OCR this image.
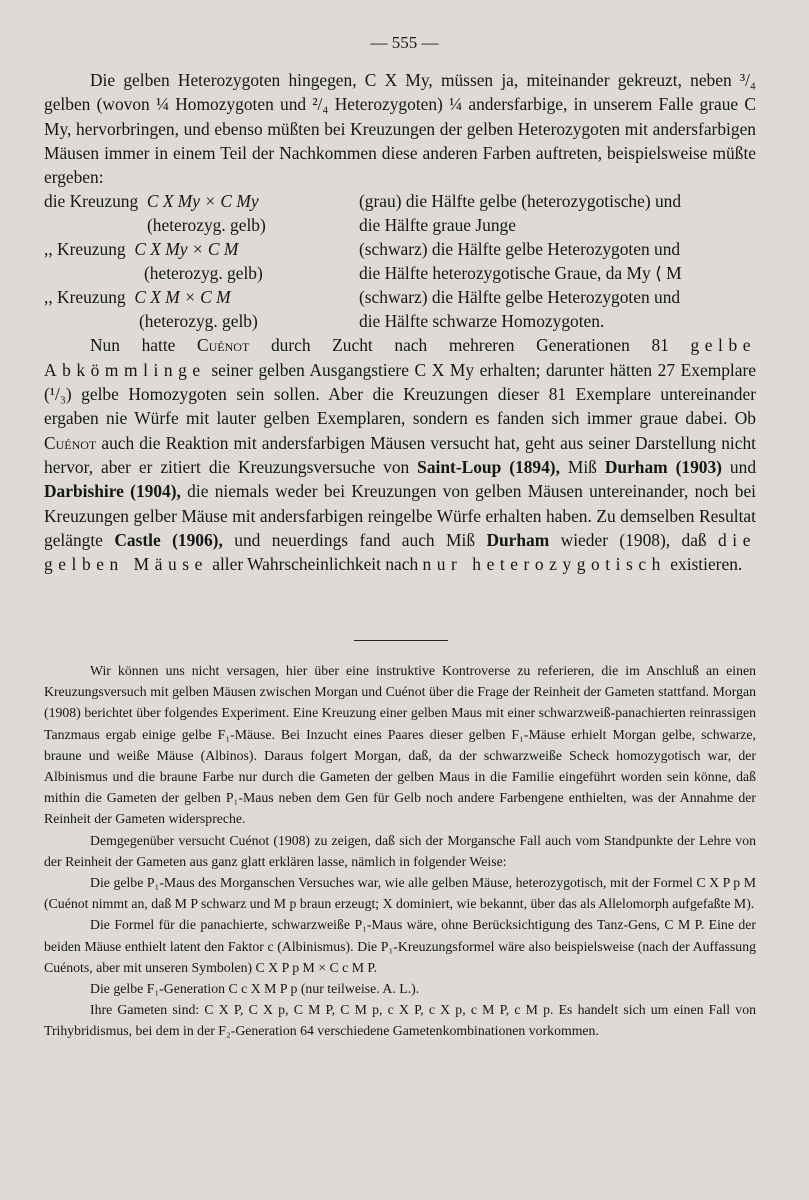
— 555 —

Die gelben Heterozygoten hingegen, C X My, müssen ja, miteinander gekreuzt, neben ³/₄ gelben (wovon ¼ Homozygoten und ²/₄ Heterozygoten) ¼ andersfarbige, in unserem Falle graue C My, hervorbringen, und ebenso müßten bei Kreuzungen der gelben Heterozygoten mit andersfarbigen Mäusen immer in einem Teil der Nachkommen diese anderen Farben auftreten, beispielsweise müßte ergeben:

die Kreuzung C X My × C My	(grau) die Hälfte gelbe (heterozygotische) und
(heterozyg. gelb)	die Hälfte graue Junge
,, Kreuzung C X My × C M	(schwarz) die Hälfte gelbe Heterozygoten und
(heterozyg. gelb)	die Hälfte heterozygotische Graue, da My ⟨ M
,, Kreuzung C X M × C M	(schwarz) die Hälfte gelbe Heterozygoten und
(heterozyg. gelb)	die Hälfte schwarze Homozygoten.

Nun hatte Cuénot durch Zucht nach mehreren Generationen 81 gelbe Abkömmlinge seiner gelben Ausgangstiere C X My erhalten; darunter hätten 27 Exemplare (¹/₃) gelbe Homozygoten sein sollen. Aber die Kreuzungen dieser 81 Exemplare untereinander ergaben nie Würfe mit lauter gelben Exemplaren, sondern es fanden sich immer graue dabei. Ob Cuénot auch die Reaktion mit andersfarbigen Mäusen versucht hat, geht aus seiner Darstellung nicht hervor, aber er zitiert die Kreuzungsversuche von Saint-Loup (1894), Miß Durham (1903) und Darbishire (1904), die niemals weder bei Kreuzungen von gelben Mäusen untereinander, noch bei Kreuzungen gelber Mäuse mit andersfarbigen reingelbe Würfe erhalten haben. Zu demselben Resultat gelängte Castle (1906), und neuerdings fand auch Miß Durham wieder (1908), daß die gelben Mäuse aller Wahrscheinlichkeit nach nur heterozygotisch existieren.

Wir können uns nicht versagen, hier über eine instruktive Kontroverse zu referieren, die im Anschluß an einen Kreuzungsversuch mit gelben Mäusen zwischen Morgan und Cuénot über die Frage der Reinheit der Gameten stattfand. Morgan (1908) berichtet über folgendes Experiment. Eine Kreuzung einer gelben Maus mit einer schwarzweiß-panachierten reinrassigen Tanzmaus ergab einige gelbe F₁-Mäuse. Bei Inzucht eines Paares dieser gelben F₁-Mäuse erhielt Morgan gelbe, schwarze, braune und weiße Mäuse (Albinos). Daraus folgert Morgan, daß, da der schwarzweiße Scheck homozygotisch war, der Albinismus und die braune Farbe nur durch die Gameten der gelben Maus in die Familie eingeführt worden sein könne, daß mithin die Gameten der gelben P₁-Maus neben dem Gen für Gelb noch andere Farbengene enthielten, was der Annahme der Reinheit der Gameten widerspreche.

Demgegenüber versucht Cuénot (1908) zu zeigen, daß sich der Morgansche Fall auch vom Standpunkte der Lehre von der Reinheit der Gameten aus ganz glatt erklären lasse, nämlich in folgender Weise:

Die gelbe P₁-Maus des Morganschen Versuches war, wie alle gelben Mäuse, heterozygotisch, mit der Formel C X P p M (Cuénot nimmt an, daß M P schwarz und M p braun erzeugt; X dominiert, wie bekannt, über das als Allelomorph aufgefaßte M).

Die Formel für die panachierte, schwarzweiße P₁-Maus wäre, ohne Berücksichtigung des Tanz-Gens, C M P. Eine der beiden Mäuse enthielt latent den Faktor c (Albinismus). Die P₁-Kreuzungsformel wäre also beispielsweise (nach der Auffassung Cuénots, aber mit unseren Symbolen) C X P p M × C c M P.

Die gelbe F₁-Generation C c X M P p (nur teilweise. A. L.).

Ihre Gameten sind: C X P, C X p, C M P, C M p, c X P, c X p, c M P, c M p. Es handelt sich um einen Fall von Trihybridismus, bei dem in der F₂-Generation 64 verschiedene Gametenkombinationen vorkommen.
